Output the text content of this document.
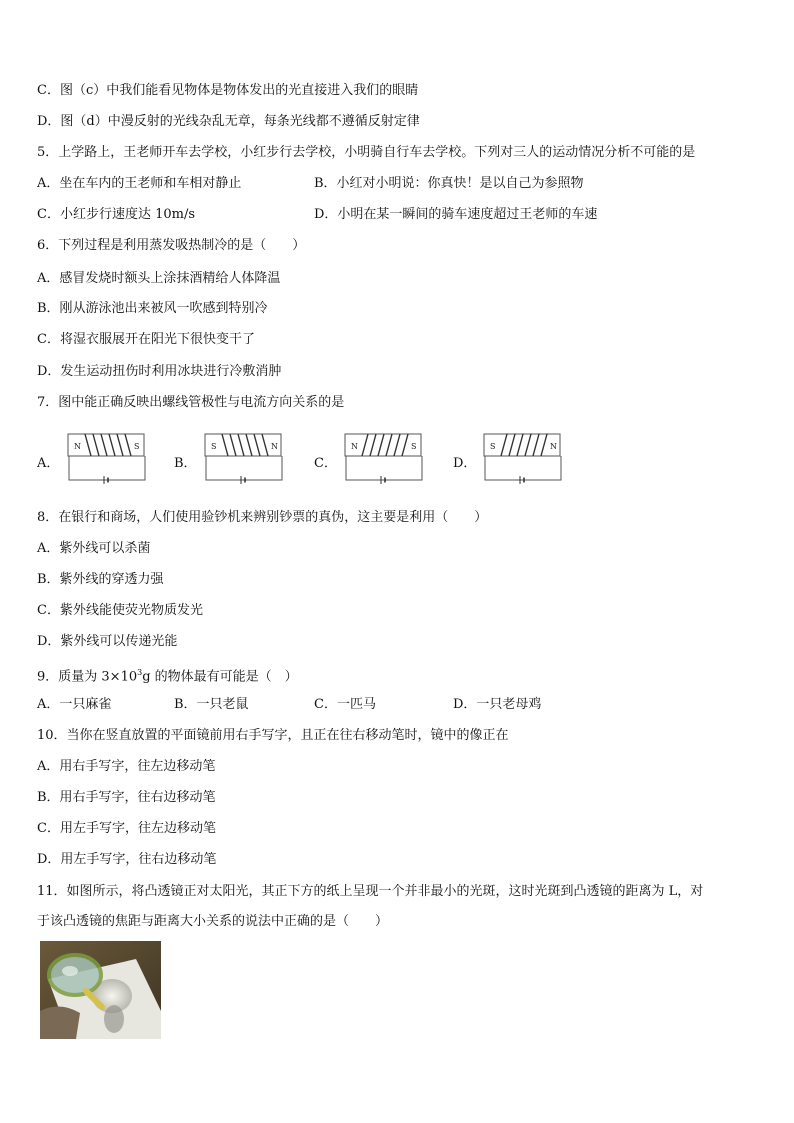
C．图（c）中我们能看见物体是物体发出的光直接进入我们的眼睛
D．图（d）中漫反射的光线杂乱无章，每条光线都不遵循反射定律
5．上学路上，王老师开车去学校，小红步行去学校，小明骑自行车去学校。下列对三人的运动情况分析不可能的是
A．坐在车内的王老师和车相对静止	B．小红对小明说：你真快！是以自己为参照物
C．小红步行速度达 10m/s	D．小明在某一瞬间的骑车速度超过王老师的车速
6．下列过程是利用蒸发吸热制冷的是（　　）
A．感冒发烧时额头上涂抹酒精给人体降温
B．刚从游泳池出来被风一吹感到特别冷
C．将湿衣服展开在阳光下很快变干了
D．发生运动扭伤时利用冰块进行冷敷消肿
7．图中能正确反映出螺线管极性与电流方向关系的是
A．
N	S
B．
S	N
C．
N	S
D．
S	N
8．在银行和商场，人们使用验钞机来辨别钞票的真伪，这主要是利用（　　）
A．紫外线可以杀菌
B．紫外线的穿透力强
C．紫外线能使荧光物质发光
D．紫外线可以传递光能
9．质量为 $3\times 10^3g$ 的物体最有可能是（　）
A．一只麻雀	B．一只老鼠	C．一匹马	D．一只老母鸡
10．当你在竖直放置的平面镜前用右手写字，且正在往右移动笔时，镜中的像正在
A．用右手写字，往左边移动笔
B．用右手写字，往右边移动笔
C．用左手写字，往左边移动笔
D．用左手写字，往右边移动笔
11．如图所示，将凸透镜正对太阳光，其正下方的纸上呈现一个并非最小的光斑，这时光斑到凸透镜的距离为 L，对
于该凸透镜的焦距与距离大小关系的说法中正确的是（　　）
